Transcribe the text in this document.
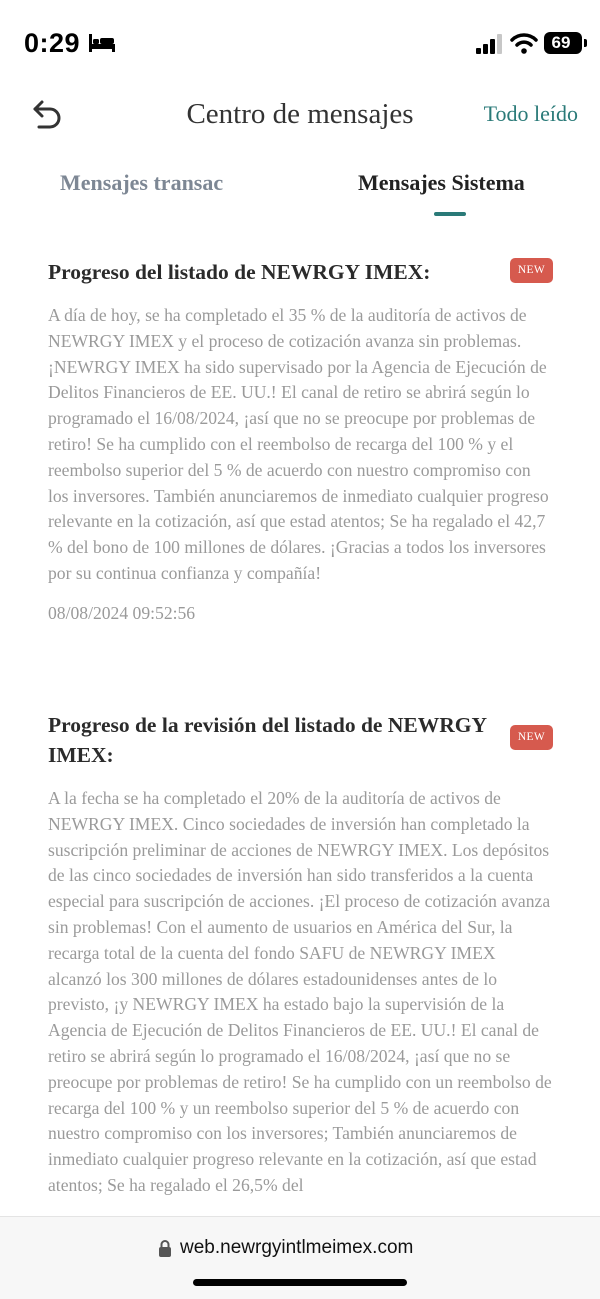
0:29	69
Centro de mensajes	Todo leído
Mensajes transac	Mensajes Sistema
Progreso del listado de NEWRGY IMEX:	NEW
A día de hoy, se ha completado el 35 % de la auditoría de activos de NEWRGY IMEX y el proceso de cotización avanza sin problemas. ¡NEWRGY IMEX ha sido supervisado por la Agencia de Ejecución de Delitos Financieros de EE. UU.! El canal de retiro se abrirá según lo programado el 16/08/2024, ¡así que no se preocupe por problemas de retiro! Se ha cumplido con el reembolso de recarga del 100 % y el reembolso superior del 5 % de acuerdo con nuestro compromiso con los inversores. También anunciaremos de inmediato cualquier progreso relevante en la cotización, así que estad atentos; Se ha regalado el 42,7 % del bono de 100 millones de dólares. ¡Gracias a todos los inversores por su continua confianza y compañía!
08/08/2024 09:52:56
Progreso de la revisión del listado de NEWRGY IMEX:
NEW
A la fecha se ha completado el 20% de la auditoría de activos de NEWRGY IMEX. Cinco sociedades de inversión han completado la suscripción preliminar de acciones de NEWRGY IMEX. Los depósitos de las cinco sociedades de inversión han sido transferidos a la cuenta especial para suscripción de acciones. ¡El proceso de cotización avanza sin problemas! Con el aumento de usuarios en América del Sur, la recarga total de la cuenta del fondo SAFU de NEWRGY IMEX alcanzó los 300 millones de dólares estadounidenses antes de lo previsto, ¡y NEWRGY IMEX ha estado bajo la supervisión de la Agencia de Ejecución de Delitos Financieros de EE. UU.! El canal de retiro se abrirá según lo programado el 16/08/2024, ¡así que no se preocupe por problemas de retiro! Se ha cumplido con un reembolso de recarga del 100 % y un reembolso superior del 5 % de acuerdo con nuestro compromiso con los inversores; También anunciaremos de inmediato cualquier progreso relevante en la cotización, así que estad atentos; Se ha regalado el 26,5% del
web.newrgyintlmeimex.com
